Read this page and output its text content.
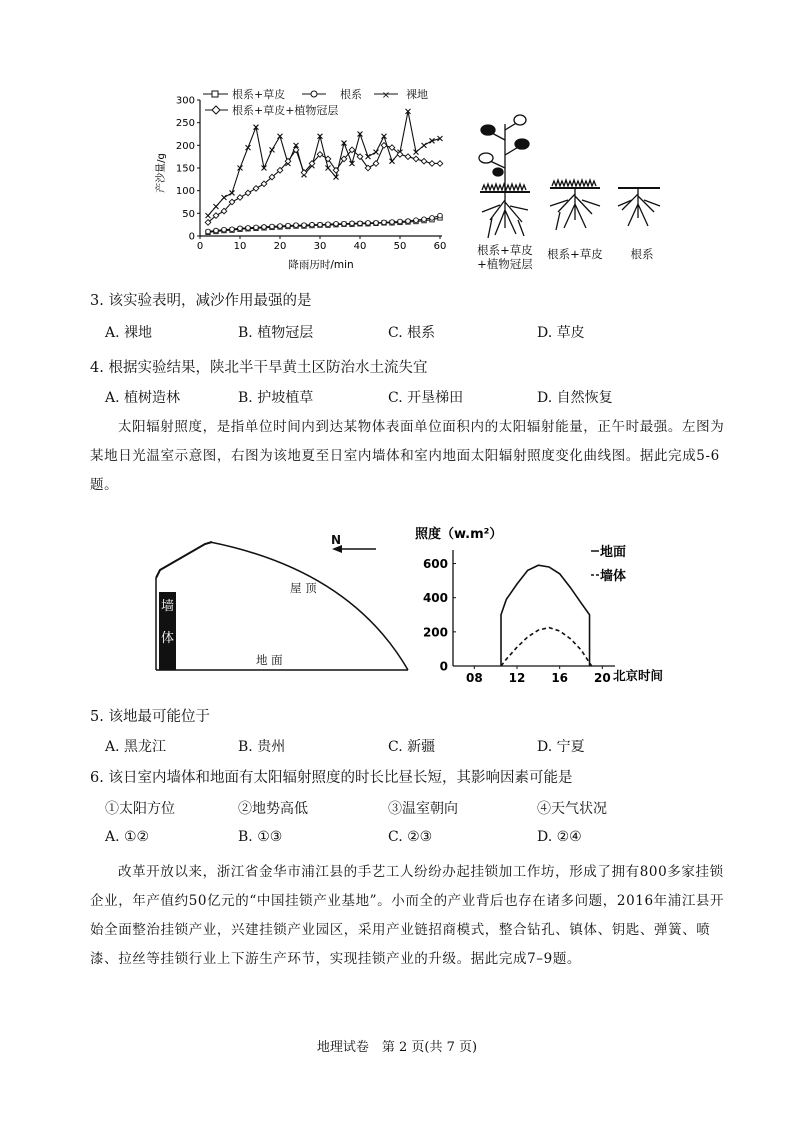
0	10	20	30	40	50	60
0
50
100
150
200
250
300
产沙量/g
降雨历时/min
根系+草皮	根系 × 裸地
根系+草皮+植物冠层
根系+草皮
+植物冠层
根系+草皮 根系
3. 该实验表明，减沙作用最强的是
A. 裸地	B. 植物冠层	C. 根系	D. 草皮
4. 根据实验结果，陕北半干旱黄土区防治水土流失宜
A. 植树造林	B. 护坡植草	C. 开垦梯田	D. 自然恢复
太阳辐射照度，是指单位时间内到达某物体表面单位面积内的太阳辐射能量，正午时最强。左图为某地日光温室示意图，右图为该地夏至日室内墙体和室内地面太阳辐射照度变化曲线图。据此完成5-6题。
墙
体
屋 顶
地 面
N	照度（w.m²）
08 12 16 20
0
200
400
600
北京时间
地面
墙体
5. 该地最可能位于
A. 黑龙江	B. 贵州	C. 新疆	D. 宁夏
6. 该日室内墙体和地面有太阳辐射照度的时长比昼长短，其影响因素可能是
①太阳方位	②地势高低	③温室朝向	④天气状况
A. ①②	B. ①③	C. ②③	D. ②④
改革开放以来，浙江省金华市浦江县的手艺工人纷纷办起挂锁加工作坊，形成了拥有800多家挂锁企业，年产值约50亿元的“中国挂锁产业基地”。小而全的产业背后也存在诸多问题，2016年浦江县开始全面整治挂锁产业，兴建挂锁产业园区，采用产业链招商模式，整合钻孔、镇体、钥匙、弹簧、喷漆、拉丝等挂锁行业上下游生产环节，实现挂锁产业的升级。据此完成7–9题。
地理试卷　第 2 页(共 7 页)
